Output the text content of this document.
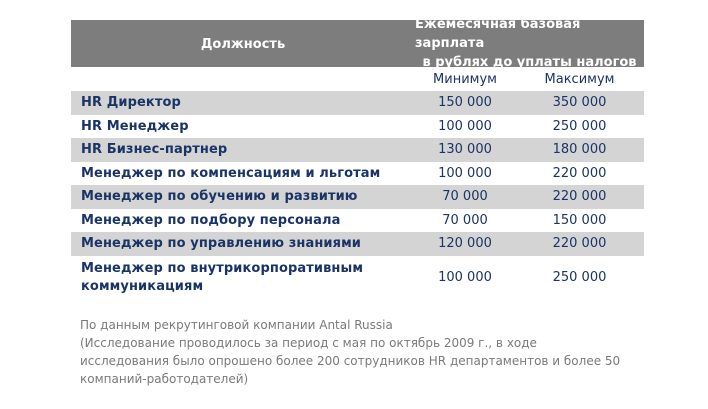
Должность
Ежемесячная базовая зарплата
в рублях до уплаты налогов
Минимум	Максимум
HR Директор	150 000	350 000
HR Менеджер	100 000	250 000
HR Бизнес-партнер	130 000	180 000
Менеджер по компенсациям и льготам	100 000	220 000
Менеджер по обучению и развитию	70 000	220 000
Менеджер по подбору персонала	70 000	150 000
Менеджер по управлению знаниями	120 000	220 000
Менеджер по внутрикорпоративным
коммуникациям
100 000	250 000
По данным рекрутинговой компании Antal Russia
(Исследование проводилось за период с мая по октябрь 2009 г., в ходе
исследования было опрошено более 200 сотрудников HR департаментов и более 50
компаний-работодателей)
